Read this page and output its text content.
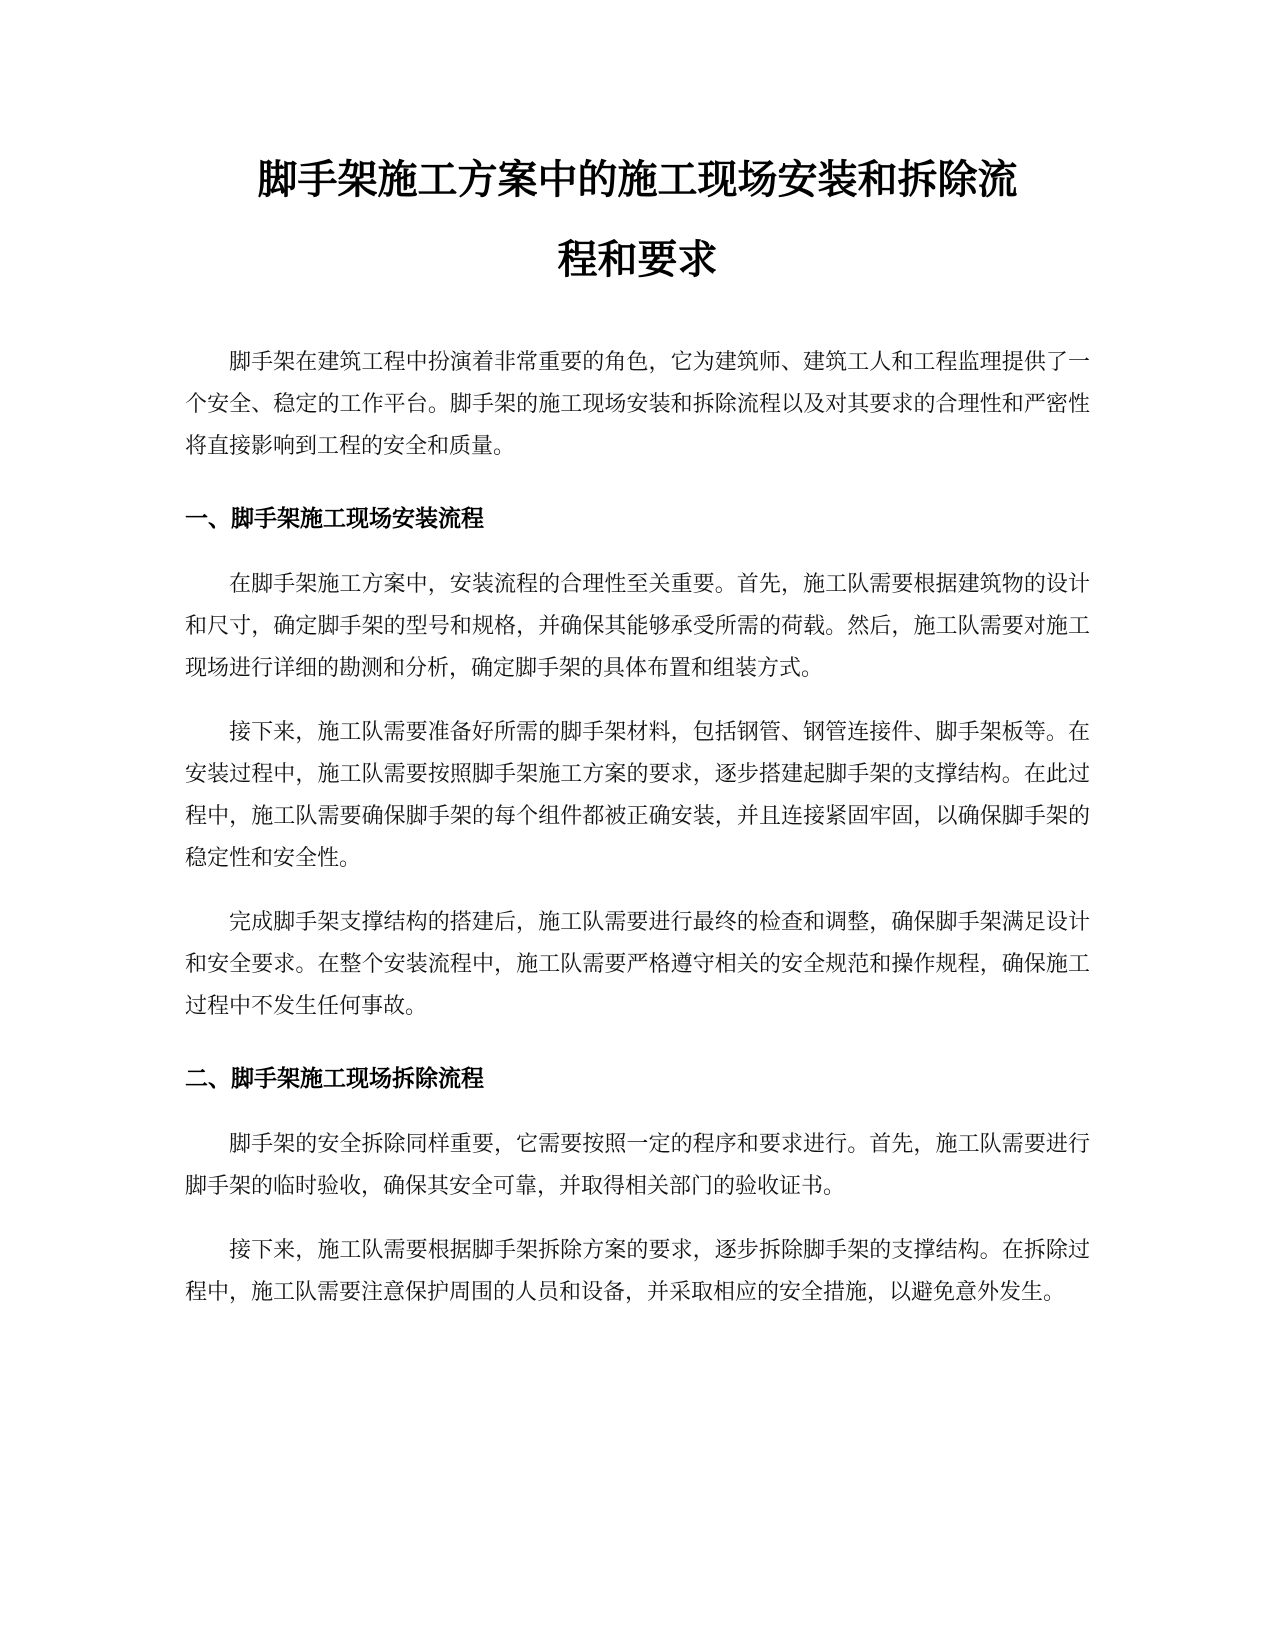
脚手架施工方案中的施工现场安装和拆除流
程和要求

脚手架在建筑工程中扮演着非常重要的角色，它为建筑师、建筑工人和工程监理提供了一个安全、稳定的工作平台。脚手架的施工现场安装和拆除流程以及对其要求的合理性和严密性将直接影响到工程的安全和质量。

一、脚手架施工现场安装流程

在脚手架施工方案中，安装流程的合理性至关重要。首先，施工队需要根据建筑物的设计和尺寸，确定脚手架的型号和规格，并确保其能够承受所需的荷载。然后，施工队需要对施工现场进行详细的勘测和分析，确定脚手架的具体布置和组装方式。

接下来，施工队需要准备好所需的脚手架材料，包括钢管、钢管连接件、脚手架板等。在安装过程中，施工队需要按照脚手架施工方案的要求，逐步搭建起脚手架的支撑结构。在此过程中，施工队需要确保脚手架的每个组件都被正确安装，并且连接紧固牢固，以确保脚手架的稳定性和安全性。

完成脚手架支撑结构的搭建后，施工队需要进行最终的检查和调整，确保脚手架满足设计和安全要求。在整个安装流程中，施工队需要严格遵守相关的安全规范和操作规程，确保施工过程中不发生任何事故。

二、脚手架施工现场拆除流程

脚手架的安全拆除同样重要，它需要按照一定的程序和要求进行。首先，施工队需要进行脚手架的临时验收，确保其安全可靠，并取得相关部门的验收证书。

接下来，施工队需要根据脚手架拆除方案的要求，逐步拆除脚手架的支撑结构。在拆除过程中，施工队需要注意保护周围的人员和设备，并采取相应的安全措施，以避免意外发生。
